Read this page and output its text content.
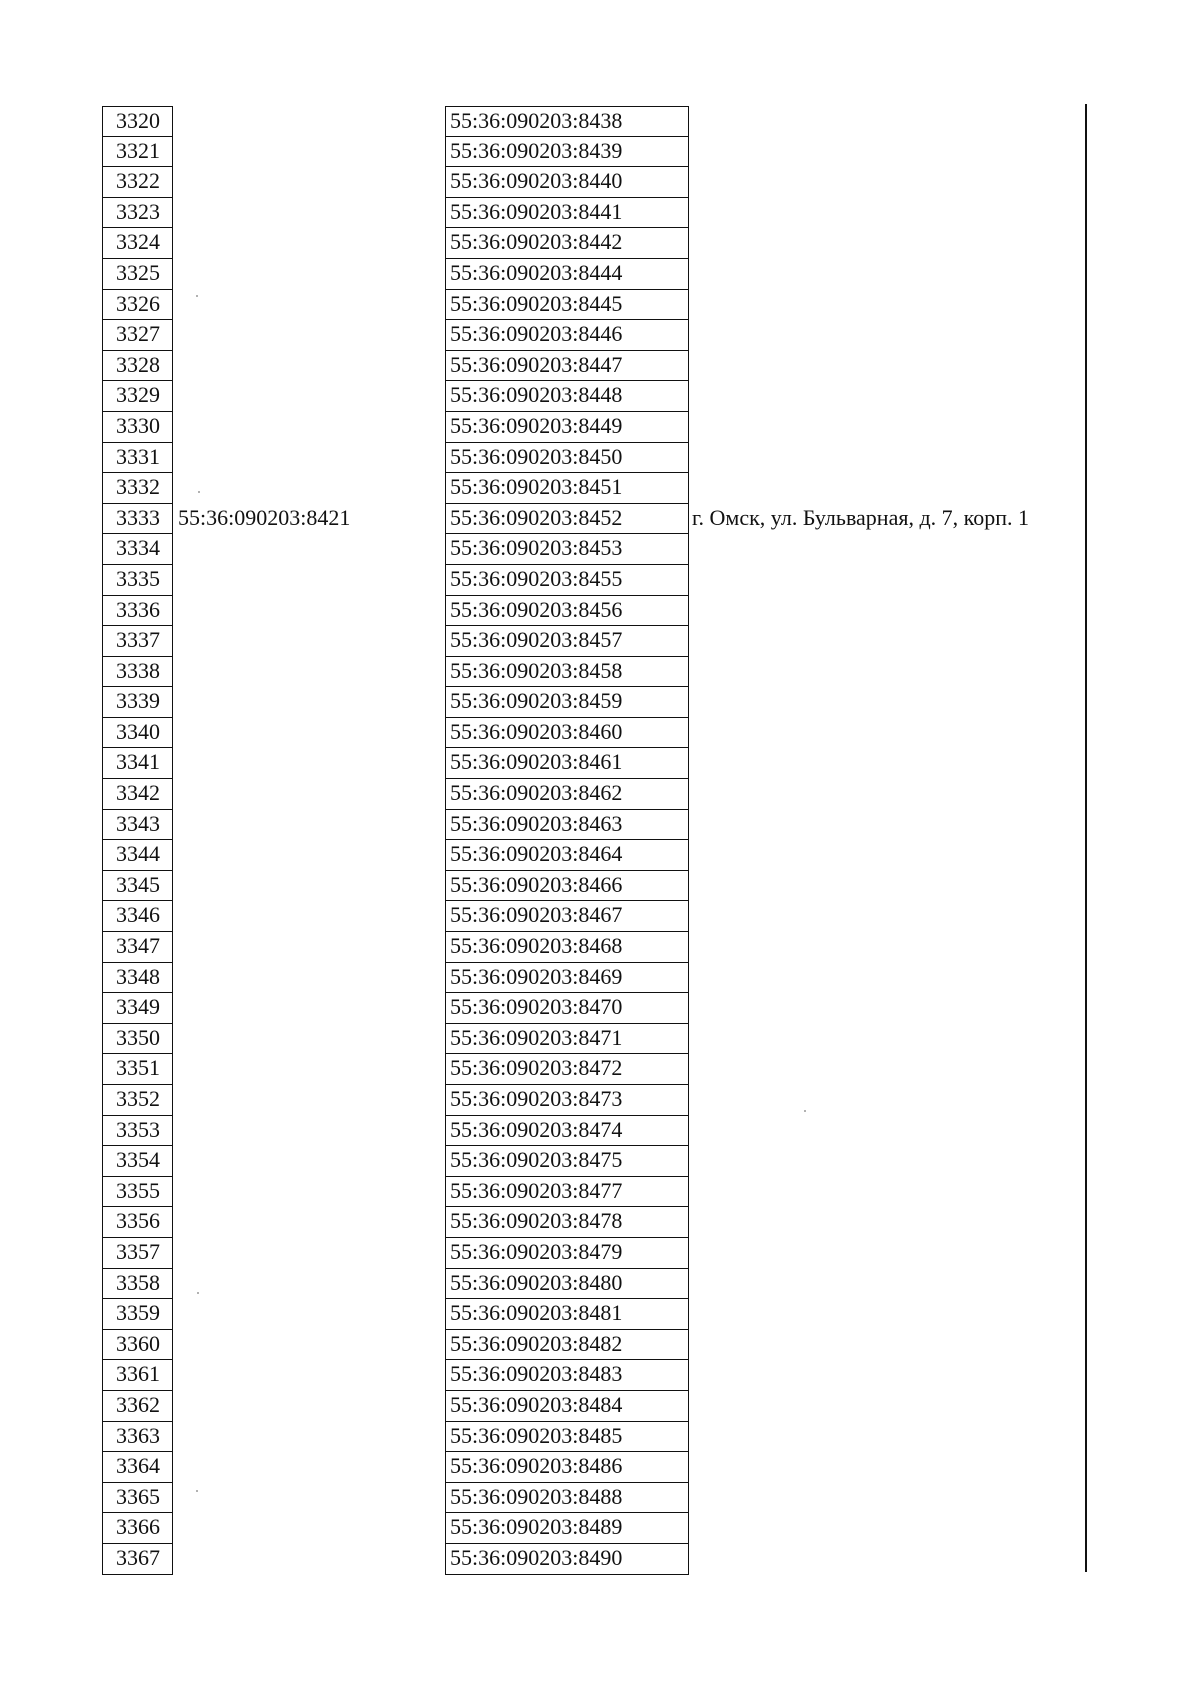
3320
3321
3322
3323
3324
3325
3326
3327
3328
3329
3330
3331
3332
3333
3334
3335
3336
3337
3338
3339
3340
3341
3342
3343
3344
3345
3346
3347
3348
3349
3350
3351
3352
3353
3354
3355
3356
3357
3358
3359
3360
3361
3362
3363
3364
3365
3366
3367
55:36:090203:8421
55:36:090203:8438
55:36:090203:8439
55:36:090203:8440
55:36:090203:8441
55:36:090203:8442
55:36:090203:8444
55:36:090203:8445
55:36:090203:8446
55:36:090203:8447
55:36:090203:8448
55:36:090203:8449
55:36:090203:8450
55:36:090203:8451
55:36:090203:8452
55:36:090203:8453
55:36:090203:8455
55:36:090203:8456
55:36:090203:8457
55:36:090203:8458
55:36:090203:8459
55:36:090203:8460
55:36:090203:8461
55:36:090203:8462
55:36:090203:8463
55:36:090203:8464
55:36:090203:8466
55:36:090203:8467
55:36:090203:8468
55:36:090203:8469
55:36:090203:8470
55:36:090203:8471
55:36:090203:8472
55:36:090203:8473
55:36:090203:8474
55:36:090203:8475
55:36:090203:8477
55:36:090203:8478
55:36:090203:8479
55:36:090203:8480
55:36:090203:8481
55:36:090203:8482
55:36:090203:8483
55:36:090203:8484
55:36:090203:8485
55:36:090203:8486
55:36:090203:8488
55:36:090203:8489
55:36:090203:8490
г. Омск, ул. Бульварная, д. 7, корп. 1
